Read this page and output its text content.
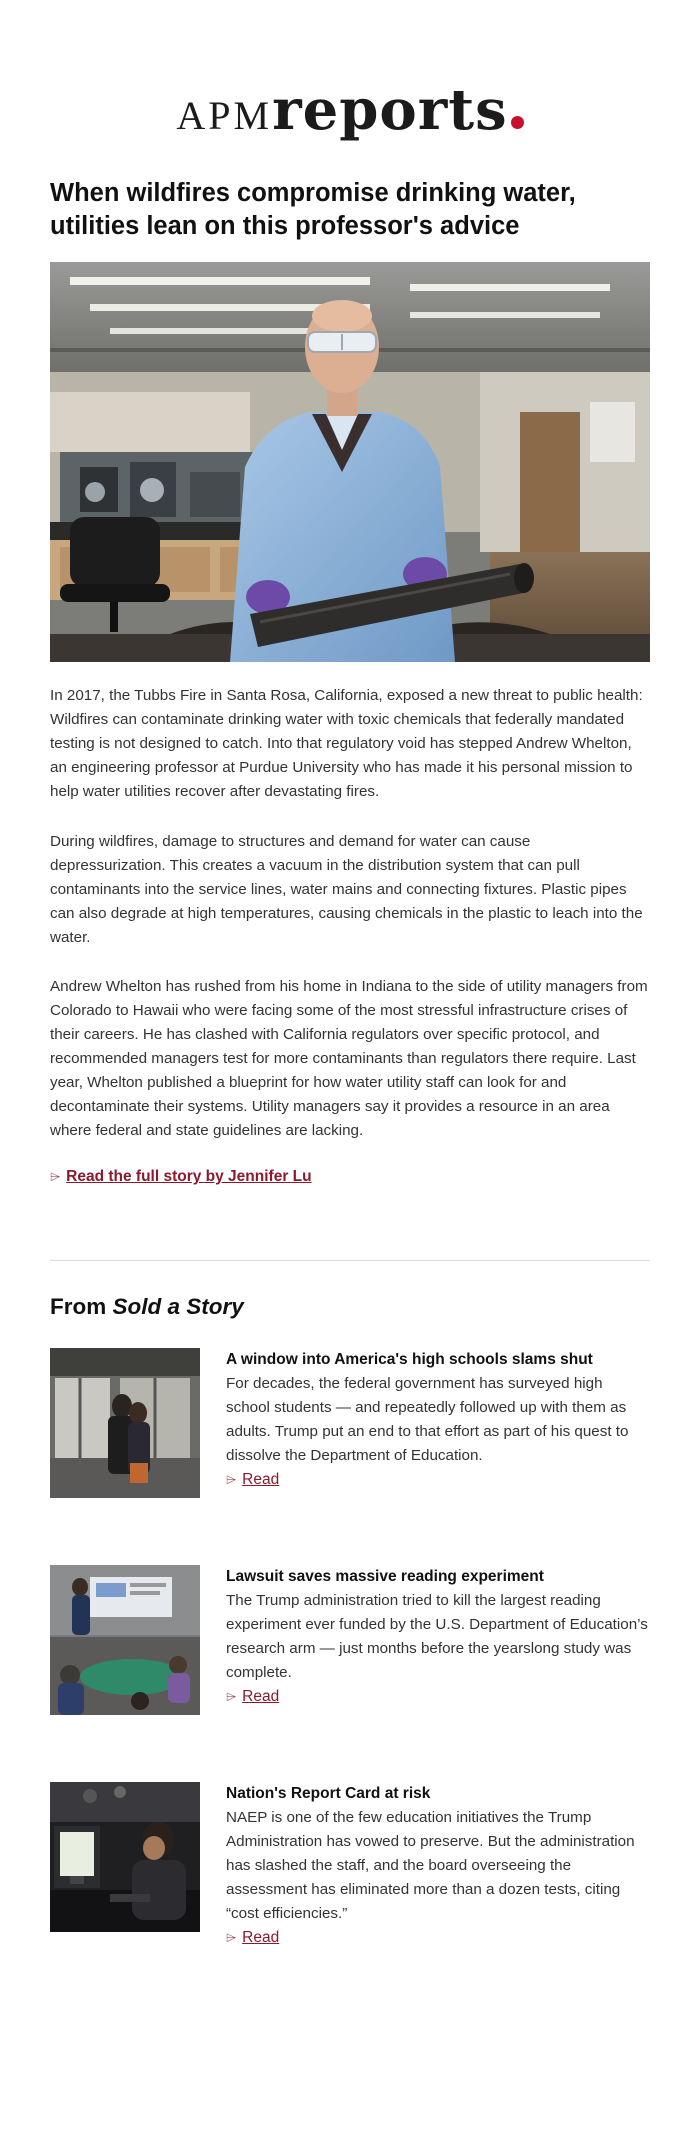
APMreports
When wildfires compromise drinking water, utilities lean on this professor's advice

In 2017, the Tubbs Fire in Santa Rosa, California, exposed a new threat to public health: Wildfires can contaminate drinking water with toxic chemicals that federally mandated testing is not designed to catch. Into that regulatory void has stepped Andrew Whelton, an engineering professor at Purdue University who has made it his personal mission to help water utilities recover after devastating fires.

During wildfires, damage to structures and demand for water can cause depressurization. This creates a vacuum in the distribution system that can pull contaminants into the service lines, water mains and connecting fixtures. Plastic pipes can also degrade at high temperatures, causing chemicals in the plastic to leach into the water.

Andrew Whelton has rushed from his home in Indiana to the side of utility managers from Colorado to Hawaii who were facing some of the most stressful infrastructure crises of their careers. He has clashed with California regulators over specific protocol, and recommended managers test for more contaminants than regulators there require. Last year, Whelton published a blueprint for how water utility staff can look for and decontaminate their systems. Utility managers say it provides a resource in an area where federal and state guidelines are lacking.

⌲ Read the full story by Jennifer Lu
From Sold a Story
A window into America's high schools slams shut

For decades, the federal government has surveyed high school students — and repeatedly followed up with them as adults. Trump put an end to that effort as part of his quest to dissolve the Department of Education.

⌲ Read
Lawsuit saves massive reading experiment

The Trump administration tried to kill the largest reading experiment ever funded by the U.S. Department of Education’s research arm — just months before the yearslong study was complete.

⌲ Read
Nation's Report Card at risk

NAEP is one of the few education initiatives the Trump Administration has vowed to preserve. But the administration has slashed the staff, and the board overseeing the assessment has eliminated more than a dozen tests, citing “cost efficiencies.”

⌲ Read
